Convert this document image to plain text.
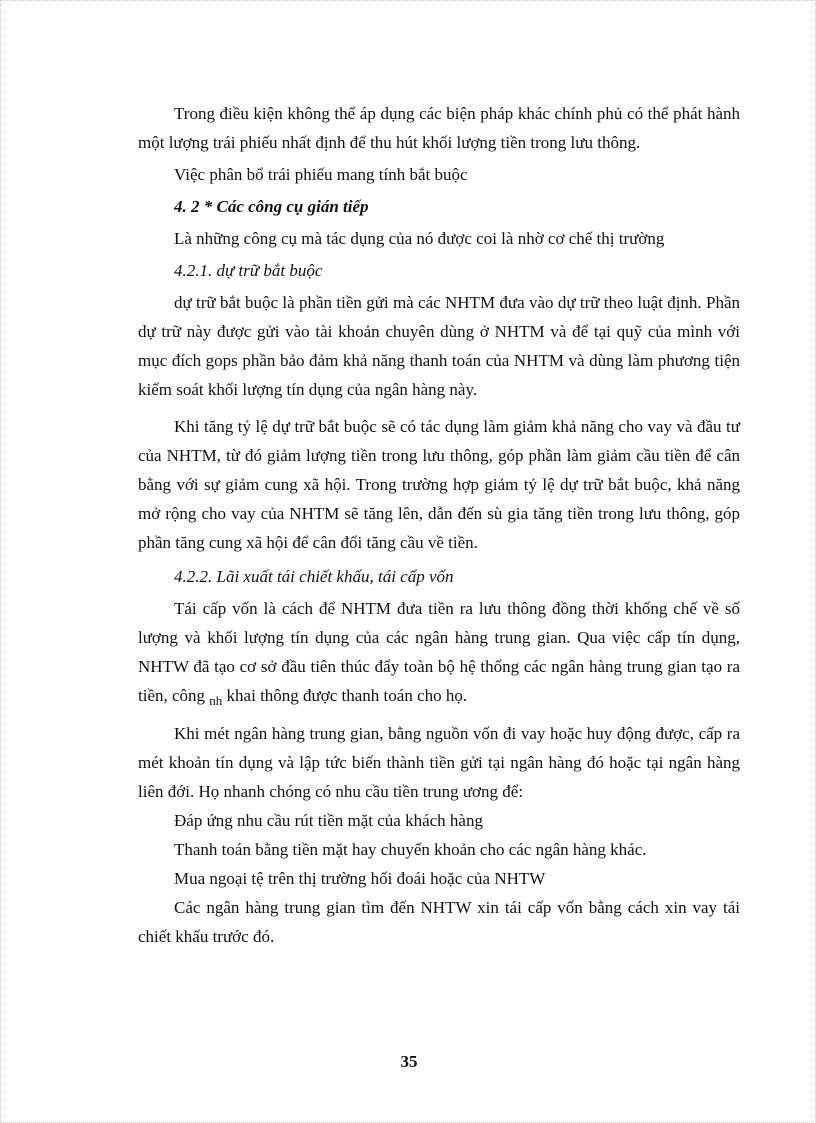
Trong điều kiện không thể áp dụng các biện pháp khác chính phủ có thể phát hành một lượng trái phiếu nhất định để thu hút khối lượng tiền trong lưu thông.

Việc phân bổ trái phiếu mang tính bắt buộc

4. 2 * Các công cụ gián tiếp

Là những công cụ mà tác dụng của nó được coi là nhờ cơ chế thị trường

4.2.1. dự trữ bắt buộc

dự trữ bắt buộc là phần tiền gửi mà các NHTM đưa vào dự trữ theo luật định. Phần dự trữ này được gửi vào tài khoản chuyên dùng ở NHTM và để tại quỹ của mình với mục đích gops phần bảo đảm khả năng thanh toán của NHTM và dùng làm phương tiện kiểm soát khối lượng tín dụng của ngân hàng này.

Khi tăng tỷ lệ dự trữ bắt buộc sẽ có tác dụng làm giảm khả năng cho vay và đầu tư của NHTM, từ đó giảm lượng tiền trong lưu thông, góp phần làm giảm cầu tiền để cân bằng với sự giảm cung xã hội. Trong trường hợp giảm tỷ lệ dự trữ bắt buộc, khả năng mở rộng cho vay của NHTM sẽ tăng lên, dẫn đến sù gia tăng tiền trong lưu thông, góp phần tăng cung xã hội để cân đối tăng cầu về tiền.

4.2.2. Lãi xuất tái chiết khấu, tái cấp vốn

Tái cấp vốn là cách để NHTM đưa tiền ra lưu thông đồng thời khống chế về số lượng và khối lượng tín dụng của các ngân hàng trung gian. Qua việc cấp tín dụng, NHTW đã tạo cơ sở đầu tiên thúc đẩy toàn bộ hệ thống các ngân hàng trung gian tạo ra tiền, công $_{nh}$ khai thông được thanh toán cho họ.

Khi mét ngân hàng trung gian, bằng nguồn vốn đi vay hoặc huy động được, cấp ra mét khoản tín dụng và lập tức biến thành tiền gửi tại ngân hàng đó hoặc tại ngân hàng liên đới. Họ nhanh chóng có nhu cầu tiền trung ương để:

Đáp ứng nhu cầu rút tiền mặt của khách hàng

Thanh toán bằng tiền mặt hay chuyển khoản cho các ngân hàng khác.

Mua ngoại tệ trên thị trường hối đoái hoặc của NHTW

Các ngân hàng trung gian tìm đến NHTW xin tái cấp vốn bằng cách xin vay tái chiết khấu trước đó.

35
